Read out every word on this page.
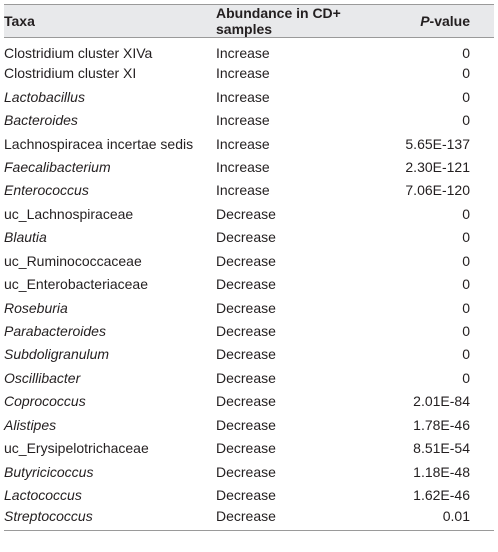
Taxa	Abundance in CD+ samples	P-value
Clostridium cluster XIVa	Increase	0
Clostridium cluster XI	Increase	0
Lactobacillus	Increase	0
Bacteroides	Increase	0
Lachnospiracea incertae sedis	Increase	5.65E-137
Faecalibacterium	Increase	2.30E-121
Enterococcus	Increase	7.06E-120
uc_Lachnospiraceae	Decrease	0
Blautia	Decrease	0
uc_Ruminococcaceae	Decrease	0
uc_Enterobacteriaceae	Decrease	0
Roseburia	Decrease	0
Parabacteroides	Decrease	0
Subdoligranulum	Decrease	0
Oscillibacter	Decrease	0
Coprococcus	Decrease	2.01E-84
Alistipes	Decrease	1.78E-46
uc_Erysipelotrichaceae	Decrease	8.51E-54
Butyricicoccus	Decrease	1.18E-48
Lactococcus	Decrease	1.62E-46
Streptococcus	Decrease	0.01
